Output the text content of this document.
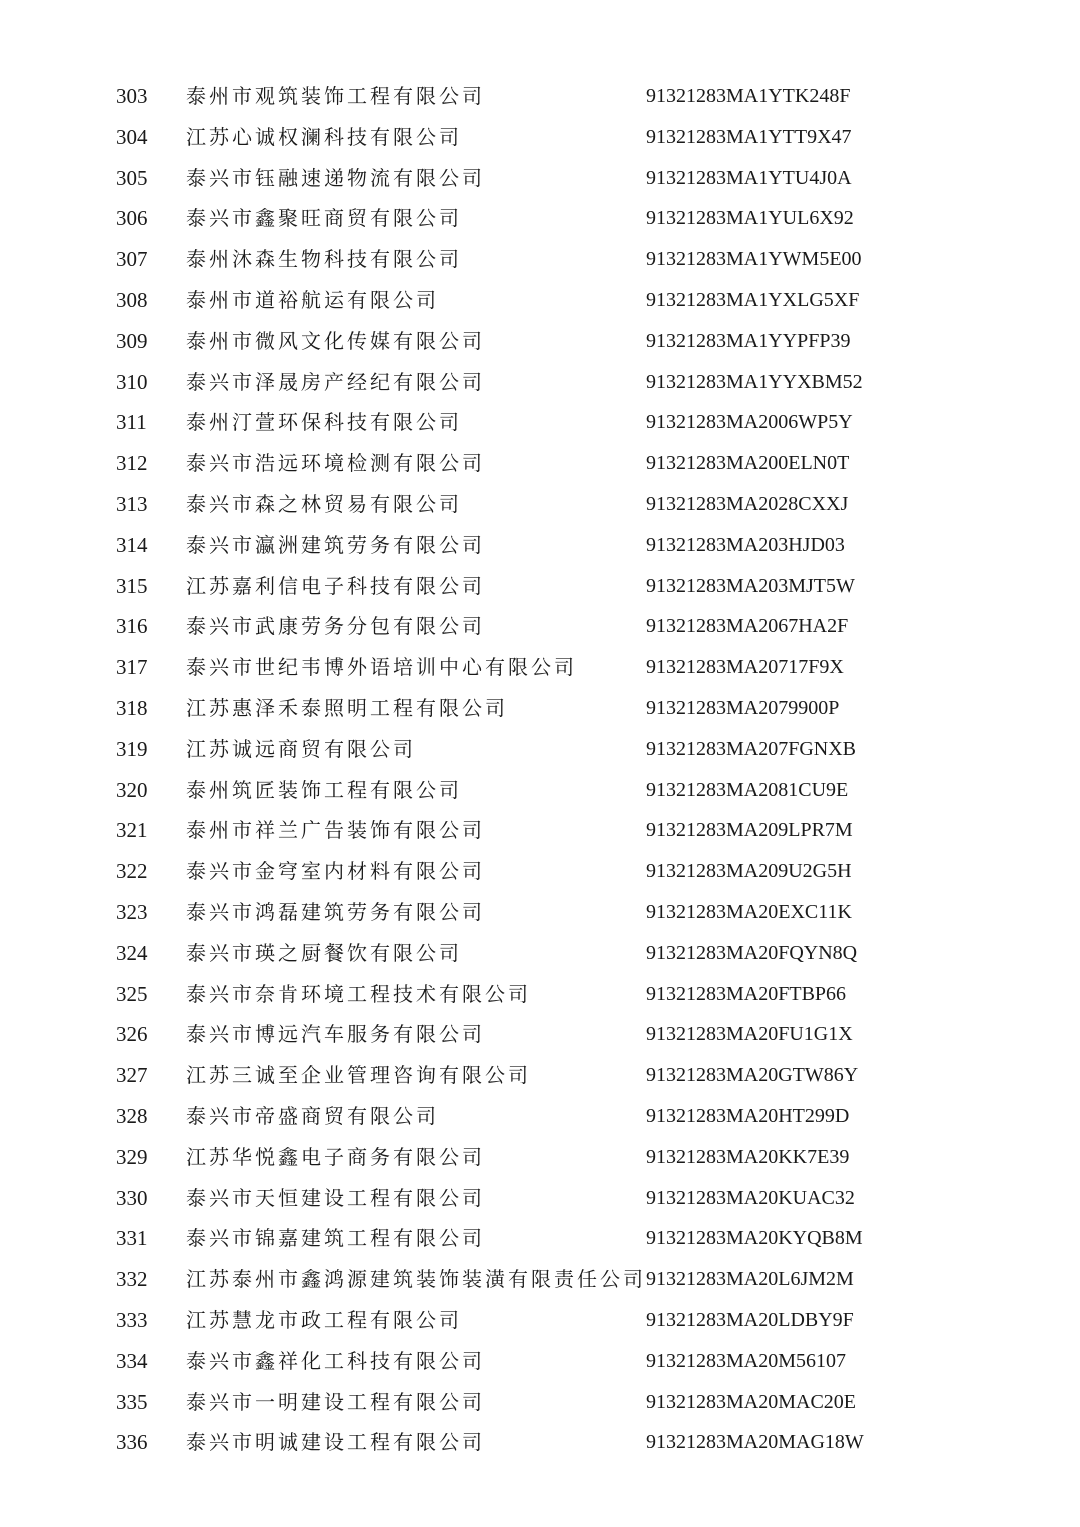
303	泰州市观筑装饰工程有限公司	91321283MA1YTK248F
304	江苏心诚权澜科技有限公司	91321283MA1YTT9X47
305	泰兴市钰融速递物流有限公司	91321283MA1YTU4J0A
306	泰兴市鑫聚旺商贸有限公司	91321283MA1YUL6X92
307	泰州沐森生物科技有限公司	91321283MA1YWM5E00
308	泰州市道裕航运有限公司	91321283MA1YXLG5XF
309	泰州市微风文化传媒有限公司	91321283MA1YYPFP39
310	泰兴市泽晟房产经纪有限公司	91321283MA1YYXBM52
311	泰州汀萱环保科技有限公司	91321283MA2006WP5Y
312	泰兴市浩远环境检测有限公司	91321283MA200ELN0T
313	泰兴市森之林贸易有限公司	91321283MA2028CXXJ
314	泰兴市瀛洲建筑劳务有限公司	91321283MA203HJD03
315	江苏嘉利信电子科技有限公司	91321283MA203MJT5W
316	泰兴市武康劳务分包有限公司	91321283MA2067HA2F
317	泰兴市世纪韦博外语培训中心有限公司	91321283MA20717F9X
318	江苏惠泽禾泰照明工程有限公司	91321283MA2079900P
319	江苏诚远商贸有限公司	91321283MA207FGNXB
320	泰州筑匠装饰工程有限公司	91321283MA2081CU9E
321	泰州市祥兰广告装饰有限公司	91321283MA209LPR7M
322	泰兴市金穹室内材料有限公司	91321283MA209U2G5H
323	泰兴市鸿磊建筑劳务有限公司	91321283MA20EXC11K
324	泰兴市瑛之厨餐饮有限公司	91321283MA20FQYN8Q
325	泰兴市奈肯环境工程技术有限公司	91321283MA20FTBP66
326	泰兴市博远汽车服务有限公司	91321283MA20FU1G1X
327	江苏三诚至企业管理咨询有限公司	91321283MA20GTW86Y
328	泰兴市帝盛商贸有限公司	91321283MA20HT299D
329	江苏华悦鑫电子商务有限公司	91321283MA20KK7E39
330	泰兴市天恒建设工程有限公司	91321283MA20KUAC32
331	泰兴市锦嘉建筑工程有限公司	91321283MA20KYQB8M
332	江苏泰州市鑫鸿源建筑装饰装潢有限责任公司 91321283MA20L6JM2M
333	江苏慧龙市政工程有限公司	91321283MA20LDBY9F
334	泰兴市鑫祥化工科技有限公司	91321283MA20M56107
335	泰兴市一明建设工程有限公司	91321283MA20MAC20E
336	泰兴市明诚建设工程有限公司	91321283MA20MAG18W
